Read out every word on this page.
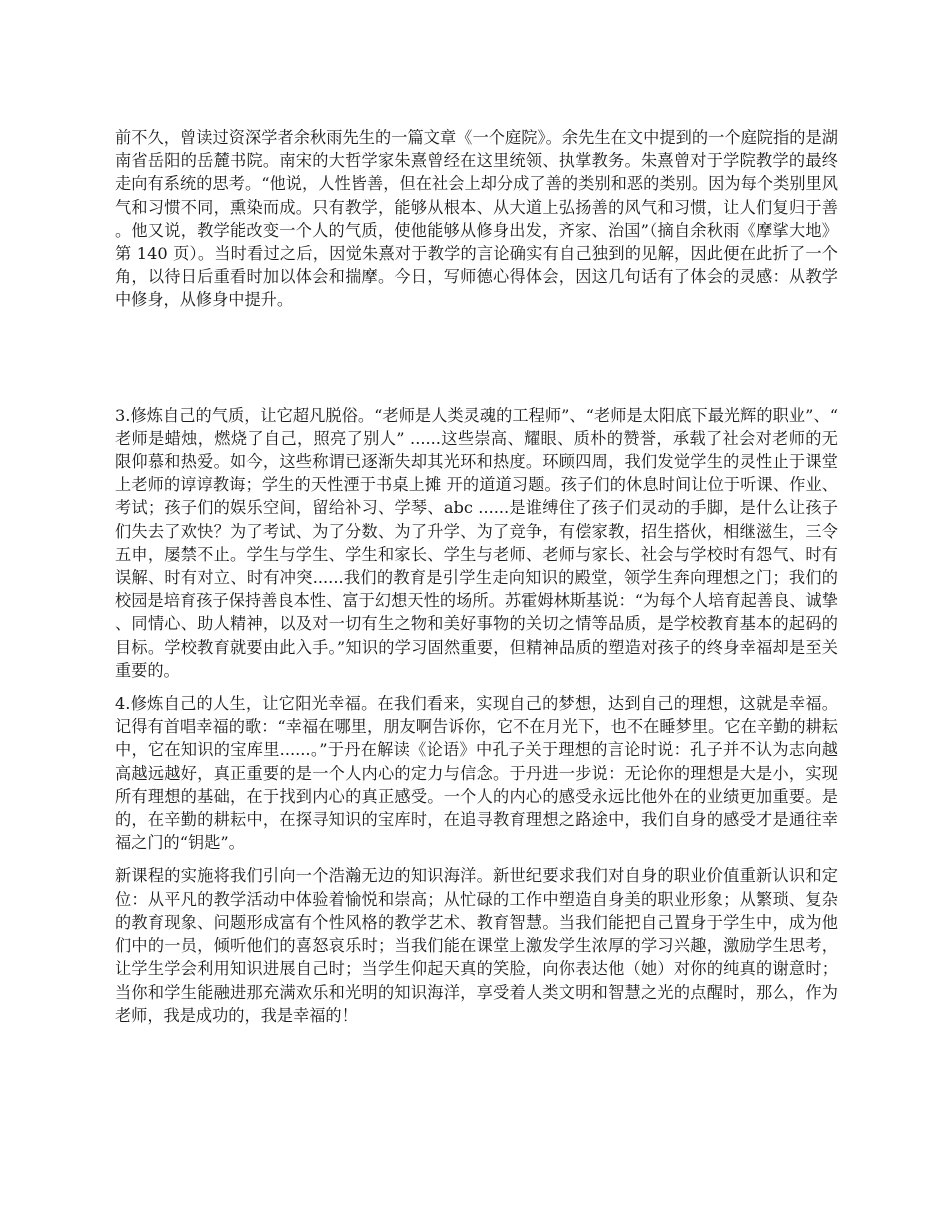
前不久，曾读过资深学者余秋雨先生的一篇文章《一个庭院》。余先生在文中提到的一个庭院指的是湖南省岳阳的岳麓书院。南宋的大哲学家朱熹曾经在这里统领、执掌教务。朱熹曾对于学院教学的最终走向有系统的思考。“他说，人性皆善，但在社会上却分成了善的类别和恶的类别。因为每个类别里风气和习惯不同，熏染而成。只有教学，能够从根本、从大道上弘扬善的风气和习惯，让人们复归于善。他又说，教学能改变一个人的气质，使他能够从修身出发，齐家、治国”（摘自余秋雨《摩挲大地》第 140 页）。当时看过之后，因觉朱熹对于教学的言论确实有自己独到的见解，因此便在此折了一个角，以待日后重看时加以体会和揣摩。今日，写师德心得体会，因这几句话有了体会的灵感：从教学中修身，从修身中提升。

3.修炼自己的气质，让它超凡脱俗。“老师是人类灵魂的工程师”、“老师是太阳底下最光辉的职业”、“老师是蜡烛，燃烧了自己，照亮了别人” ......这些崇高、耀眼、质朴的赞誉，承载了社会对老师的无限仰慕和热爱。如今，这些称谓已逐渐失却其光环和热度。环顾四周，我们发觉学生的灵性止于课堂上老师的谆谆教诲；学生的天性湮于书桌上摊 开的道道习题。孩子们的休息时间让位于听课、作业、考试；孩子们的娱乐空间，留给补习、学琴、abc ......是谁缚住了孩子们灵动的手脚，是什么让孩子们失去了欢快？为了考试、为了分数、为了升学、为了竞争，有偿家教，招生搭伙，相继滋生，三令五申，屡禁不止。学生与学生、学生和家长、学生与老师、老师与家长、社会与学校时有怨气、时有误解、时有对立、时有冲突......我们的教育是引学生走向知识的殿堂，领学生奔向理想之门；我们的校园是培育孩子保持善良本性、富于幻想天性的场所。苏霍姆林斯基说：“为每个人培育起善良、诚挚、同情心、助人精神，以及对一切有生之物和美好事物的关切之情等品质，是学校教育基本的起码的目标。学校教育就要由此入手。”知识的学习固然重要，但精神品质的塑造对孩子的终身幸福却是至关重要的。

4.修炼自己的人生，让它阳光幸福。在我们看来，实现自己的梦想，达到自己的理想，这就是幸福。记得有首唱幸福的歌：“幸福在哪里，朋友啊告诉你，它不在月光下，也不在睡梦里。它在辛勤的耕耘中，它在知识的宝库里......。”于丹在解读《论语》中孔子关于理想的言论时说：孔子并不认为志向越高越远越好，真正重要的是一个人内心的定力与信念。于丹进一步说：无论你的理想是大是小，实现所有理想的基础，在于找到内心的真正感受。一个人的内心的感受永远比他外在的业绩更加重要。是的，在辛勤的耕耘中，在探寻知识的宝库时，在追寻教育理想之路途中，我们自身的感受才是通往幸福之门的“钥匙”。

新课程的实施将我们引向一个浩瀚无边的知识海洋。新世纪要求我们对自身的职业价值重新认识和定位：从平凡的教学活动中体验着愉悦和崇高；从忙碌的工作中塑造自身美的职业形象；从繁琐、复杂的教育现象、问题形成富有个性风格的教学艺术、教育智慧。当我们能把自己置身于学生中，成为他们中的一员，倾听他们的喜怒哀乐时；当我们能在课堂上激发学生浓厚的学习兴趣，激励学生思考，让学生学会利用知识进展自己时；当学生仰起天真的笑脸，向你表达他（她）对你的纯真的谢意时；当你和学生能融进那充满欢乐和光明的知识海洋，享受着人类文明和智慧之光的点醒时，那么，作为老师，我是成功的，我是幸福的！
